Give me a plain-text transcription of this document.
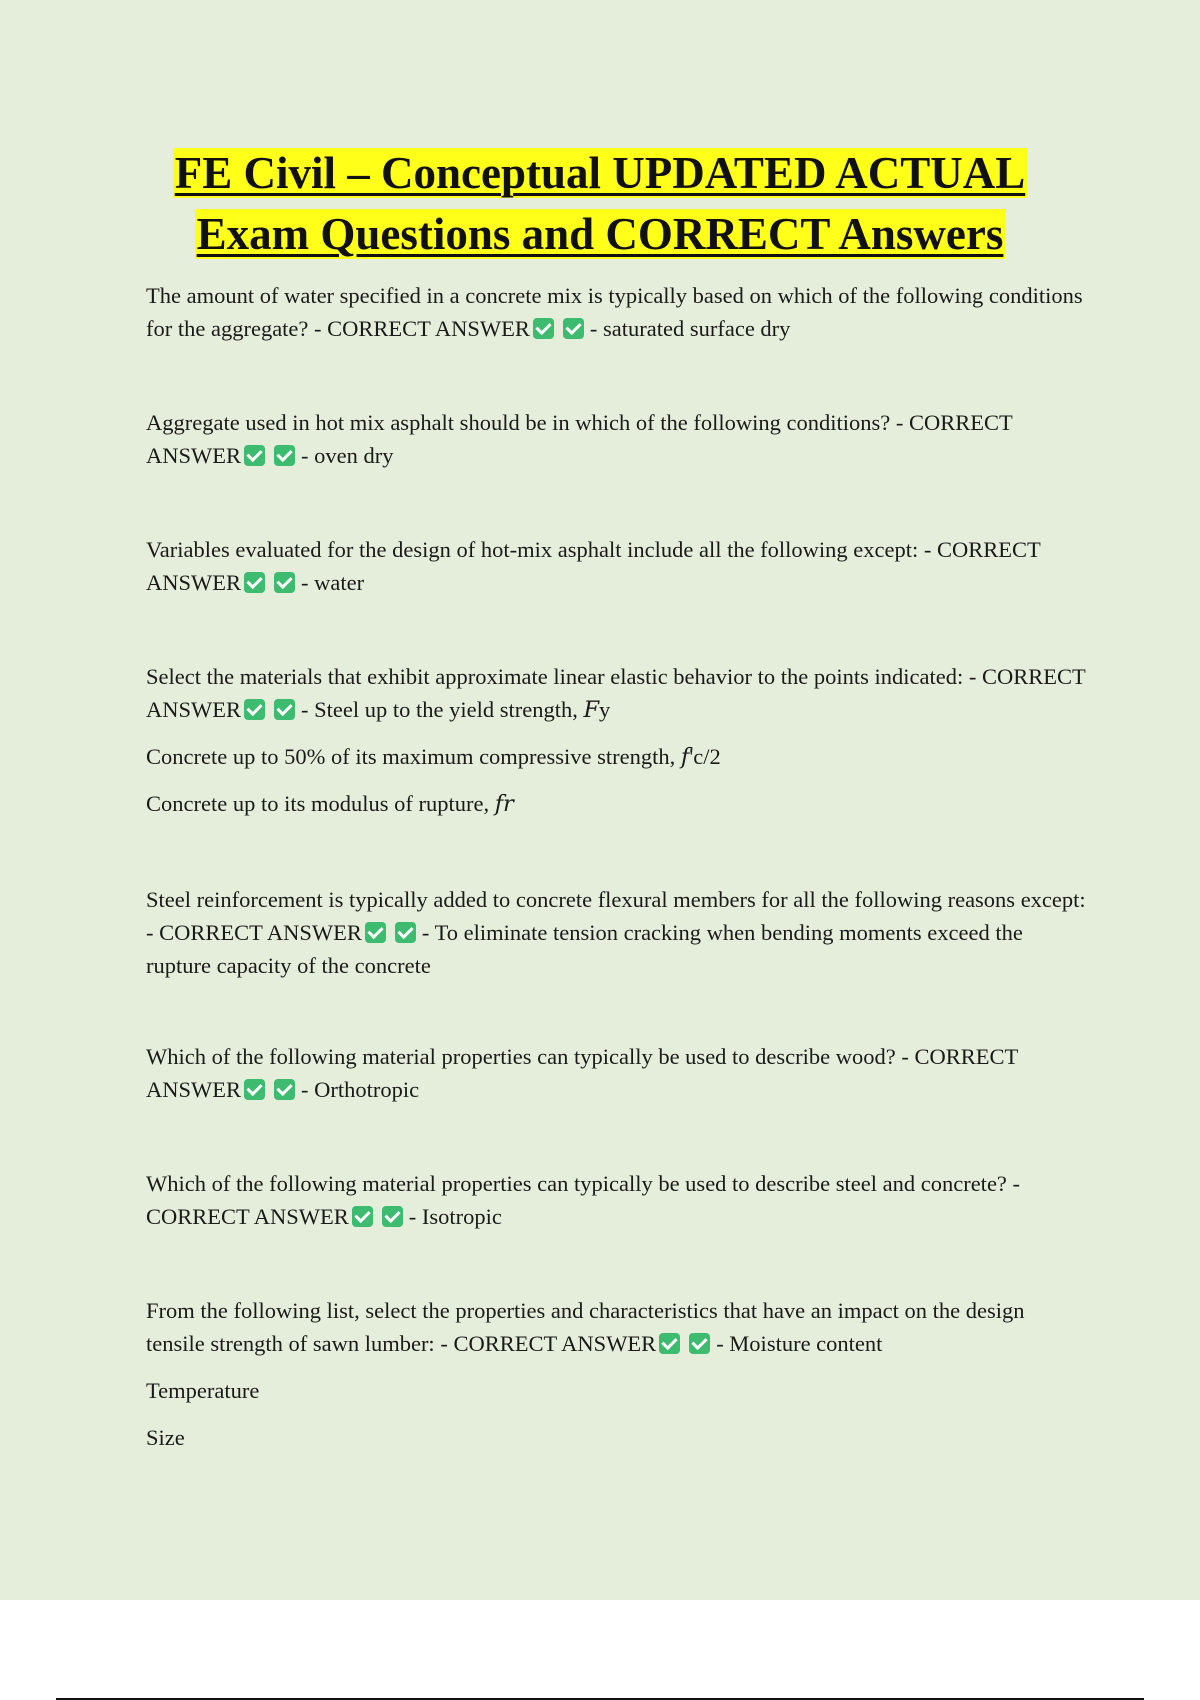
FE Civil – Conceptual UPDATED ACTUAL
Exam Questions and CORRECT Answers

The amount of water specified in a concrete mix is typically based on which of the following conditions for the aggregate? - CORRECT ANSWER	- saturated surface dry

Aggregate used in hot mix asphalt should be in which of the following conditions? - CORRECT ANSWER	- oven dry

Variables evaluated for the design of hot-mix asphalt include all the following except: - CORRECT ANSWER	- water

Select the materials that exhibit approximate linear elastic behavior to the points indicated: - CORRECT ANSWER	- Steel up to the yield strength, 𝐹y

Concrete up to 50% of its maximum compressive strength, 𝑓'c/2

Concrete up to its modulus of rupture, 𝑓𝑟

Steel reinforcement is typically added to concrete flexural members for all the following reasons except: - CORRECT ANSWER	- To eliminate tension cracking when bending moments exceed the rupture capacity of the concrete

Which of the following material properties can typically be used to describe wood? - CORRECT ANSWER	- Orthotropic

Which of the following material properties can typically be used to describe steel and concrete? - CORRECT ANSWER	- Isotropic

From the following list, select the properties and characteristics that have an impact on the design tensile strength of sawn lumber: - CORRECT ANSWER	- Moisture content

Temperature

Size
